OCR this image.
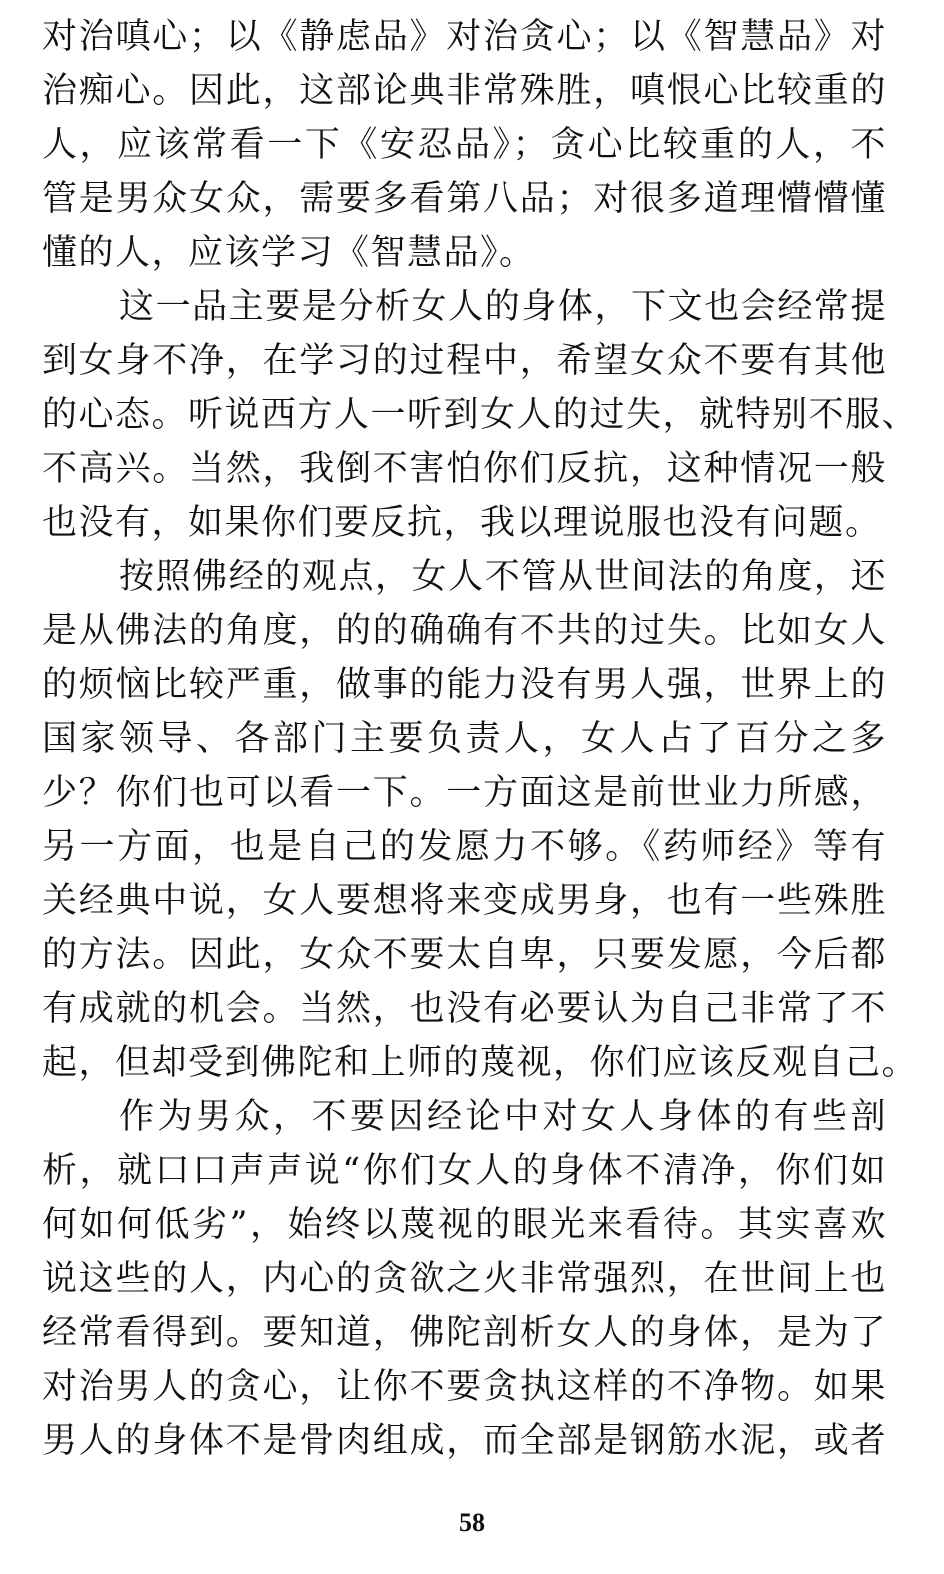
对治嗔心；以《静虑品》对治贪心；以《智慧品》对
治痴心。因此，这部论典非常殊胜，嗔恨心比较重的
人，应该常看一下《安忍品》；贪心比较重的人，不
管是男众女众，需要多看第八品；对很多道理懵懵懂
懂的人，应该学习《智慧品》。
这一品主要是分析女人的身体，下文也会经常提
到女身不净，在学习的过程中，希望女众不要有其他
的心态。听说西方人一听到女人的过失，就特别不服、
不高兴。当然，我倒不害怕你们反抗，这种情况一般
也没有，如果你们要反抗，我以理说服也没有问题。
按照佛经的观点，女人不管从世间法的角度，还
是从佛法的角度，的的确确有不共的过失。比如女人
的烦恼比较严重，做事的能力没有男人强，世界上的
国家领导、各部门主要负责人，女人占了百分之多
少？你们也可以看一下。一方面这是前世业力所感，
另一方面，也是自己的发愿力不够。《药师经》等有
关经典中说，女人要想将来变成男身，也有一些殊胜
的方法。因此，女众不要太自卑，只要发愿，今后都
有成就的机会。当然，也没有必要认为自己非常了不
起，但却受到佛陀和上师的蔑视，你们应该反观自己。
作为男众，不要因经论中对女人身体的有些剖
析，就口口声声说“你们女人的身体不清净，你们如
何如何低劣”，始终以蔑视的眼光来看待。其实喜欢
说这些的人，内心的贪欲之火非常强烈，在世间上也
经常看得到。要知道，佛陀剖析女人的身体，是为了
对治男人的贪心，让你不要贪执这样的不净物。如果
男人的身体不是骨肉组成，而全部是钢筋水泥，或者
58
